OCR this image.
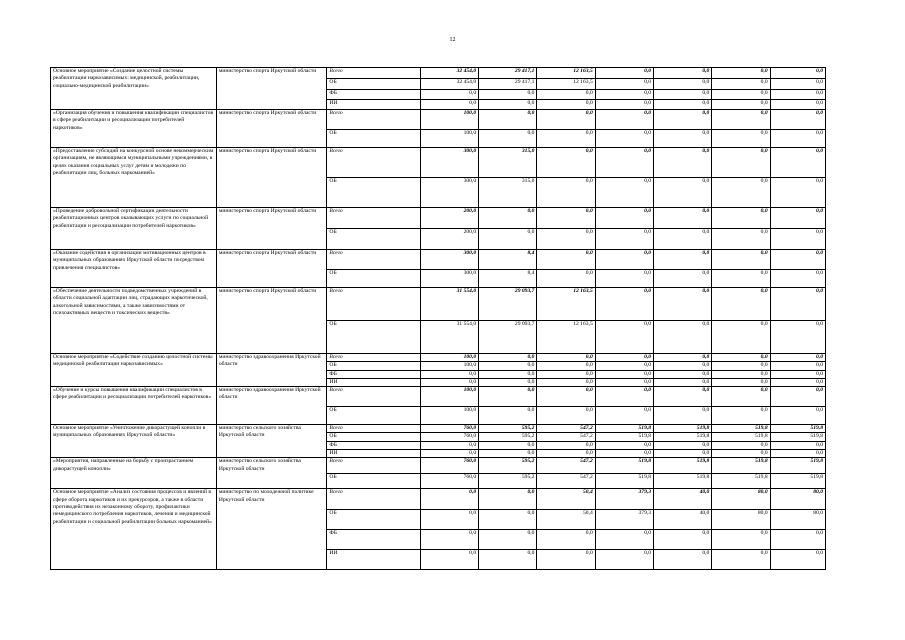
12
Основное мероприятие «Создание целостной системы реабилитации наркозависимых: медицинской, реабилитации, социально-медицинской реабилитации»	министерство спорта Иркутской области	Всего	32 454,0	29 417,1	12 163,5	0,0	0,0	0,0	0,0
		ОБ	32 454,0	29 417,1	12 163,5	0,0	0,0	0,0	0,0
		ФБ	0,0	0,0	0,0	0,0	0,0	0,0	0,0
		ИИ	0,0	0,0	0,0	0,0	0,0	0,0	0,0
«Организация обучения и повышения квалификации специалистов в сфере реабилитации и ресоциализации потребителей наркотиков»	министерство спорта Иркутской области	Всего	100,0	0,0	0,0	0,0	0,0	0,0	0,0
		ОБ	100,0	0,0	0,0	0,0	0,0	0,0	0,0
«Предоставление субсидий на конкурсной основе некоммерческим организациям, не являющимся муниципальными учреждениями, в целях оказания социальных услуг детям и молодежи по реабилитации лиц, больных наркоманией»	министерство спорта Иркутской области	Всего	300,0	315,0	0,0	0,0	0,0	0,0	0,0
		ОБ	300,0	315,0	0,0	0,0	0,0	0,0	0,0
«Проведение добровольной сертификации деятельности реабилитационных центров оказывающих услуги по социальной реабилитации и ресоциализации потребителей наркотиков»	министерство спорта Иркутской области	Всего	200,0	0,0	0,0	0,0	0,0	0,0	0,0
		ОБ	200,0	0,0	0,0	0,0	0,0	0,0	0,0
«Оказание содействия в организации мотивационных центров в муниципальных образованиях Иркутской области посредством привлечения специалистов»	министерство спорта Иркутской области	Всего	300,0	8,4	0,0	0,0	0,0	0,0	0,0
		ОБ	300,0	8,4	0,0	0,0	0,0	0,0	0,0
«Обеспечение деятельности подведомственных учреждений в области социальной адаптации лиц, страдающих наркотической, алкогольной зависимостями, а также зависимостями от психоактивных веществ и токсических веществ»	министерство спорта Иркутской области	Всего	31 554,0	29 093,7	12 163,5	0,0	0,0	0,0	0,0
		ОБ	31 554,0	29 093,7	12 163,5	0,0	0,0	0,0	0,0
Основное мероприятие «Содействие созданию целостной системы медицинской реабилитации наркозависимых»	министерство здравоохранения Иркутской области	Всего	100,0	0,0	0,0	0,0	0,0	0,0	0,0
		ОБ	100,0	0,0	0,0	0,0	0,0	0,0	0,0
		ФБ	0,0	0,0	0,0	0,0	0,0	0,0	0,0
		ИИ	0,0	0,0	0,0	0,0	0,0	0,0	0,0
«Обучение и курсы повышения квалификации специалистов в сфере реабилитации и ресоциализации потребителей наркотиков»	министерство здравоохранения Иркутской области	Всего	100,0	0,0	0,0	0,0	0,0	0,0	0,0
		ОБ	100,0	0,0	0,0	0,0	0,0	0,0	0,0
Основное мероприятие «Уничтожение дикорастущей конопли в муниципальных образованиях Иркутской области»	министерство сельского хозяйства Иркутской области	Всего	760,0	595,2	547,2	519,8	519,8	519,8	519,8
		ОБ	760,0	595,2	547,2	519,8	519,8	519,8	519,8
		ФБ	0,0	0,0	0,0	0,0	0,0	0,0	0,0
		ИИ	0,0	0,0	0,0	0,0	0,0	0,0	0,0
«Мероприятия, направленные на борьбу с произрастанием дикорастущей конопли»	министерство сельского хозяйства Иркутской области	Всего	760,0	595,2	547,2	519,8	519,8	519,8	519,8
		ОБ	760,0	595,2	547,2	519,8	519,8	519,8	519,8
Основное мероприятие «Анализ состояния процессов и явлений в сфере оборота наркотиков и их прекурсоров, а также в области противодействия их незаконному обороту, профилактики немедицинского потребления наркотиков, лечения и медицинской реабилитации и социальной реабилитации больных наркоманией»	министерство по молодежной политике Иркутской области	Всего	0,0	0,0	50,4	379,3	40,0	80,0	80,0
		ОБ	0,0	0,0	50,4	379,3	40,0	80,0	80,0
		ФБ	0,0	0,0	0,0	0,0	0,0	0,0	0,0
		ИИ	0,0	0,0	0,0	0,0	0,0	0,0	0,0
